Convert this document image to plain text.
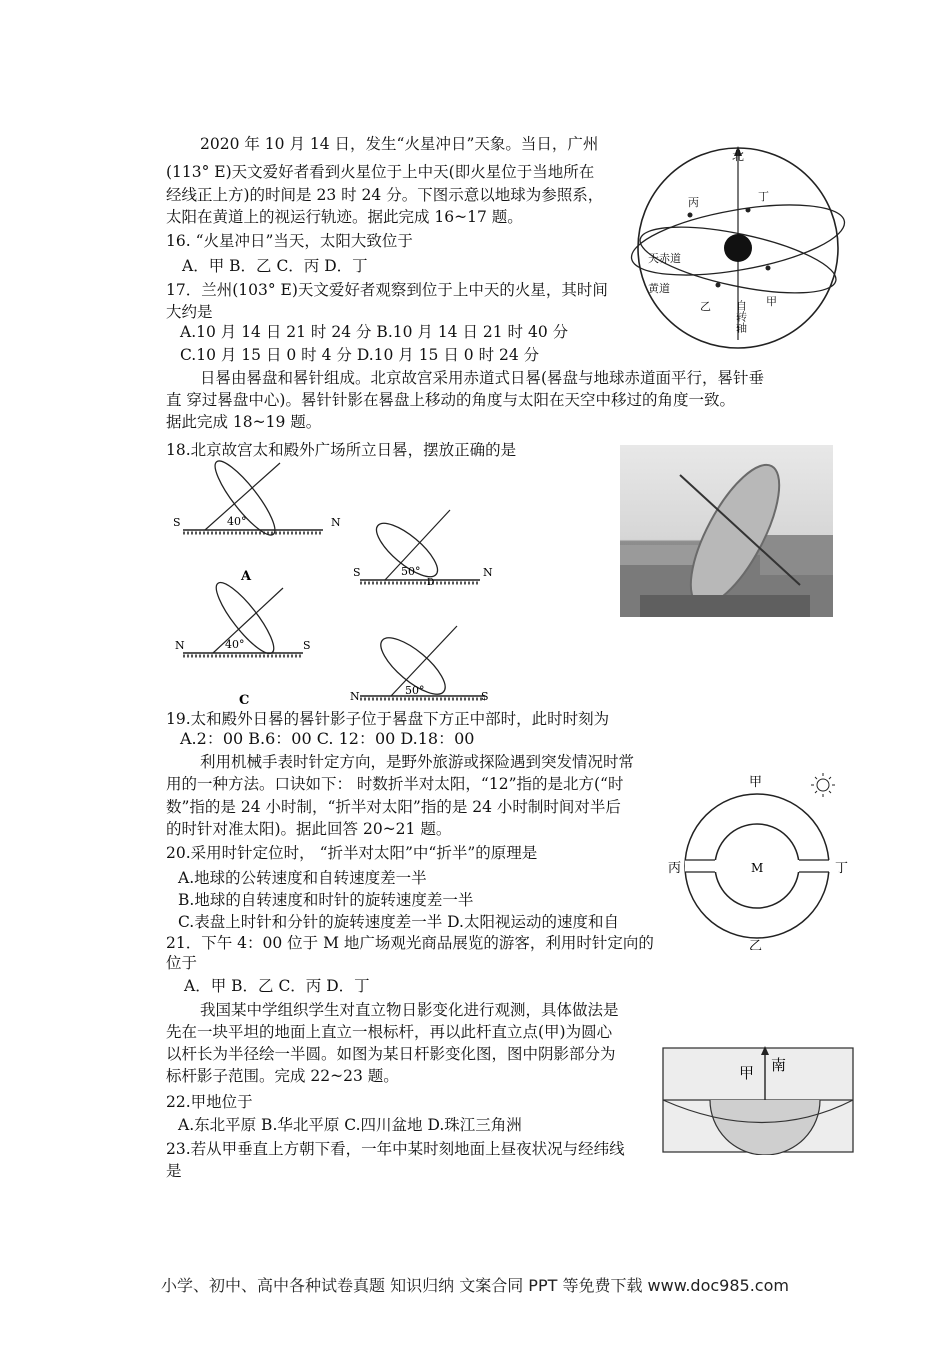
2020 年 10 月 14 日，发生“火星冲日”天象。当日，广州
(113° E)天文爱好者看到火星位于上中天(即火星位于当地所在
经线正上方)的时间是 23 时 24 分。下图示意以地球为参照系，
太阳在黄道上的视运行轨迹。据此完成 16~17 题。
16. “火星冲日”当天，太阳大致位于
A．甲 B．乙 C．丙 D．丁
17．兰州(103° E)天文爱好者观察到位于上中天的火星，其时间
大约是
A.10 月 14 日 21 时 24 分 B.10 月 14 日 21 时 40 分
C.10 月 15 日 0 时 4 分 D.10 月 15 日 0 时 24 分
北
丙	丁
天赤道
黄道
乙	甲
自转轴
日晷由晷盘和晷针组成。北京故宫采用赤道式日晷(晷盘与地球赤道面平行，晷针垂
直 穿过晷盘中心)。晷针针影在晷盘上移动的角度与太阳在天空中移过的角度一致。
据此完成 18~19 题。
18.北京故宫太和殿外广场所立日晷，摆放正确的是
S	N
40°
A	S	N
50°
D
N	S
40°
C	N	S
50°
19.太和殿外日晷的晷针影子位于晷盘下方正中部时，此时时刻为
A.2：00 B.6：00 C. 12：00 D.18：00
利用机械手表时针定方向，是野外旅游或探险遇到突发情况时常
用的一种方法。口诀如下： 时数折半对太阳，“12”指的是北方(“时
数”指的是 24 小时制，“折半对太阳”指的是 24 小时制时间对半后
的时针对准太阳)。据此回答 20~21 题。
20.采用时针定位时， “折半对太阳”中“折半”的原理是
A.地球的公转速度和自转速度差一半
B.地球的自转速度和时针的旋转速度差一半
C.表盘上时针和分针的旋转速度差一半 D.太阳视运动的速度和自
21．下午 4：00 位于 M 地广场观光商品展览的游客，利用时针定向的
位于
A．甲 B．乙 C．丙 D．丁
甲
乙
丙	丁
M
我国某中学组织学生对直立物日影变化进行观测，具体做法是
先在一块平坦的地面上直立一根标杆，再以此杆直立点(甲)为圆心
以杆长为半径绘一半圆。如图为某日杆影变化图，图中阴影部分为
标杆影子范围。完成 22~23 题。
22.甲地位于
A.东北平原 B.华北平原 C.四川盆地 D.珠江三角洲
23.若从甲垂直上方朝下看，一年中某时刻地面上昼夜状况与经纬线
是
甲 南
小学、初中、高中各种试卷真题 知识归纳 文案合同 PPT 等免费下载 www.doc985.com
